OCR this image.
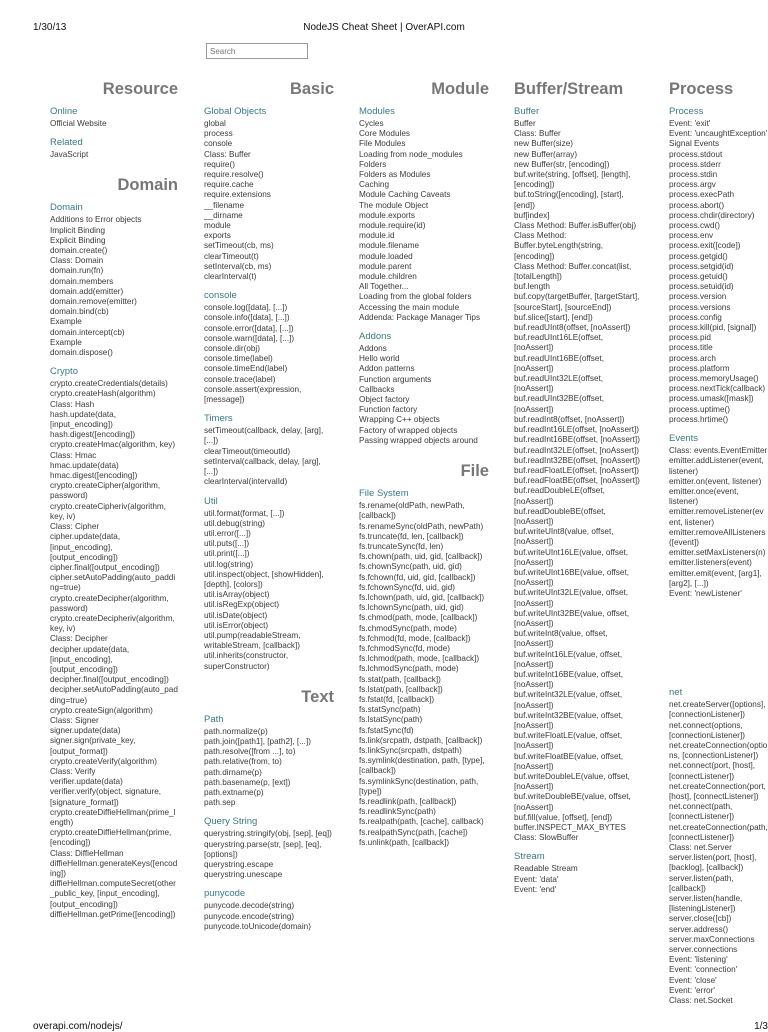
1/30/13	NodeJS Cheat Sheet | OverAPI.com
Search
Resource
Online
Official Website
Related
JavaScript
Domain
Domain
Additions to Error objects
Implicit Binding
Explicit Binding
domain.create()
Class: Domain
domain.run(fn)
domain.members
domain.add(emitter)
domain.remove(emitter)
domain.bind(cb)
Example
domain.intercept(cb)
Example
domain.dispose()
Crypto
crypto.createCredentials(details)
crypto.createHash(algorithm)
Class: Hash
hash.update(data, [input_encoding])
hash.digest([encoding])
crypto.createHmac(algorithm, key)
Class: Hmac
hmac.update(data)
hmac.digest([encoding])
crypto.createCipher(algorithm, password)
crypto.createCipheriv(algorithm, key, iv)
Class: Cipher
cipher.update(data, [input_encoding], [output_encoding])
cipher.final([output_encoding])
cipher.setAutoPadding(auto_padding=true)
crypto.createDecipher(algorithm, password)
crypto.createDecipheriv(algorithm, key, iv)
Class: Decipher
decipher.update(data, [input_encoding], [output_encoding])
decipher.final([output_encoding])
decipher.setAutoPadding(auto_padding=true)
crypto.createSign(algorithm)
Class: Signer
signer.update(data)
signer.sign(private_key, [output_format])
crypto.createVerify(algorithm)
Class: Verify
verifier.update(data)
verifier.verify(object, signature, [signature_format])
crypto.createDiffieHellman(prime_length)
crypto.createDiffieHellman(prime, [encoding])
Class: DiffieHellman
diffieHellman.generateKeys([encoding])
diffieHellman.computeSecret(other_public_key, [input_encoding], [output_encoding])
diffieHellman.getPrime([encoding])
Basic
Global Objects
global
process
console
Class: Buffer
require()
require.resolve()
require.cache
require.extensions
__filename
__dirname
module
exports
setTimeout(cb, ms)
clearTimeout(t)
setInterval(cb, ms)
clearInterval(t)
console
console.log([data], [...])
console.info([data], [...])
console.error([data], [...])
console.warn([data], [...])
console.dir(obj)
console.time(label)
console.timeEnd(label)
console.trace(label)
console.assert(expression, [message])
Timers
setTimeout(callback, delay, [arg], [...])
clearTimeout(timeoutId)
setInterval(callback, delay, [arg], [...])
clearInterval(intervalId)
Util
util.format(format, [...])
util.debug(string)
util.error([...])
util.puts([...])
util.print([...])
util.log(string)
util.inspect(object, [showHidden], [depth], [colors])
util.isArray(object)
util.isRegExp(object)
util.isDate(object)
util.isError(object)
util.pump(readableStream, writableStream, [callback])
util.inherits(constructor, superConstructor)
Text
Path
path.normalize(p)
path.join([path1], [path2], [...])
path.resolve([from ...], to)
path.relative(from, to)
path.dirname(p)
path.basename(p, [ext])
path.extname(p)
path.sep
Query String
querystring.stringify(obj, [sep], [eq])
querystring.parse(str, [sep], [eq], [options])
querystring.escape
querystring.unescape
punycode
punycode.decode(string)
punycode.encode(string)
punycode.toUnicode(domain)
Module
Modules
Cycles
Core Modules
File Modules
Loading from node_modules Folders
Folders as Modules
Caching
Module Caching Caveats
The module Object
module.exports
module.require(id)
module.id
module.filename
module.loaded
module.parent
module.children
All Together...
Loading from the global folders
Accessing the main module
Addenda: Package Manager Tips
Addons
Addons
Hello world
Addon patterns
Function arguments
Callbacks
Object factory
Function factory
Wrapping C++ objects
Factory of wrapped objects
Passing wrapped objects around
File
File System
fs.rename(oldPath, newPath, [callback])
fs.renameSync(oldPath, newPath)
fs.truncate(fd, len, [callback])
fs.truncateSync(fd, len)
fs.chown(path, uid, gid, [callback])
fs.chownSync(path, uid, gid)
fs.fchown(fd, uid, gid, [callback])
fs.fchownSync(fd, uid, gid)
fs.lchown(path, uid, gid, [callback])
fs.lchownSync(path, uid, gid)
fs.chmod(path, mode, [callback])
fs.chmodSync(path, mode)
fs.fchmod(fd, mode, [callback])
fs.fchmodSync(fd, mode)
fs.lchmod(path, mode, [callback])
fs.lchmodSync(path, mode)
fs.stat(path, [callback])
fs.lstat(path, [callback])
fs.fstat(fd, [callback])
fs.statSync(path)
fs.lstatSync(path)
fs.fstatSync(fd)
fs.link(srcpath, dstpath, [callback])
fs.linkSync(srcpath, dstpath)
fs.symlink(destination, path, [type], [callback])
fs.symlinkSync(destination, path, [type])
fs.readlink(path, [callback])
fs.readlinkSync(path)
fs.realpath(path, [cache], callback)
fs.realpathSync(path, [cache])
fs.unlink(path, [callback])
Buffer/Stream
Buffer
Buffer
Class: Buffer
new Buffer(size)
new Buffer(array)
new Buffer(str, [encoding])
buf.write(string, [offset], [length], [encoding])
buf.toString([encoding], [start], [end])
buf[index]
Class Method: Buffer.isBuffer(obj)
Class Method: Buffer.byteLength(string, [encoding])
Class Method: Buffer.concat(list, [totalLength])
buf.length
buf.copy(targetBuffer, [targetStart], [sourceStart], [sourceEnd])
buf.slice([start], [end])
buf.readUInt8(offset, [noAssert])
buf.readUInt16LE(offset, [noAssert])
buf.readUInt16BE(offset, [noAssert])
buf.readUInt32LE(offset, [noAssert])
buf.readUInt32BE(offset, [noAssert])
buf.readInt8(offset, [noAssert])
buf.readInt16LE(offset, [noAssert])
buf.readInt16BE(offset, [noAssert])
buf.readInt32LE(offset, [noAssert])
buf.readInt32BE(offset, [noAssert])
buf.readFloatLE(offset, [noAssert])
buf.readFloatBE(offset, [noAssert])
buf.readDoubleLE(offset, [noAssert])
buf.readDoubleBE(offset, [noAssert])
buf.writeUInt8(value, offset, [noAssert])
buf.writeUInt16LE(value, offset, [noAssert])
buf.writeUInt16BE(value, offset, [noAssert])
buf.writeUInt32LE(value, offset, [noAssert])
buf.writeUInt32BE(value, offset, [noAssert])
buf.writeInt8(value, offset, [noAssert])
buf.writeInt16LE(value, offset, [noAssert])
buf.writeInt16BE(value, offset, [noAssert])
buf.writeInt32LE(value, offset, [noAssert])
buf.writeInt32BE(value, offset, [noAssert])
buf.writeFloatLE(value, offset, [noAssert])
buf.writeFloatBE(value, offset, [noAssert])
buf.writeDoubleLE(value, offset, [noAssert])
buf.writeDoubleBE(value, offset, [noAssert])
buf.fill(value, [offset], [end])
buffer.INSPECT_MAX_BYTES
Class: SlowBuffer
Stream
Readable Stream
Event: 'data'
Event: 'end'
Process
Process
Event: 'exit'
Event: 'uncaughtException'
Signal Events
process.stdout
process.stderr
process.stdin
process.argv
process.execPath
process.abort()
process.chdir(directory)
process.cwd()
process.env
process.exit([code])
process.getgid()
process.setgid(id)
process.getuid()
process.setuid(id)
process.version
process.versions
process.config
process.kill(pid, [signal])
process.pid
process.title
process.arch
process.platform
process.memoryUsage()
process.nextTick(callback)
process.umask([mask])
process.uptime()
process.hrtime()
Events
Class: events.EventEmitter
emitter.addListener(event, listener)
emitter.on(event, listener)
emitter.once(event, listener)
emitter.removeListener(event, listener)
emitter.removeAllListeners([event])
emitter.setMaxListeners(n)
emitter.listeners(event)
emitter.emit(event, [arg1], [arg2], [...])
Event: 'newListener'
net
net.createServer([options], [connectionListener])
net.connect(options, [connectionListener])
net.createConnection(options, [connectionListener])
net.connect(port, [host], [connectListener])
net.createConnection(port, [host], [connectListener])
net.connect(path, [connectListener])
net.createConnection(path, [connectListener])
Class: net.Server
server.listen(port, [host], [backlog], [callback])
server.listen(path, [callback])
server.listen(handle, [listeningListener])
server.close([cb])
server.address()
server.maxConnections
server.connections
Event: 'listening'
Event: 'connection'
Event: 'close'
Event: 'error'
Class: net.Socket
overapi.com/nodejs/	1/3
